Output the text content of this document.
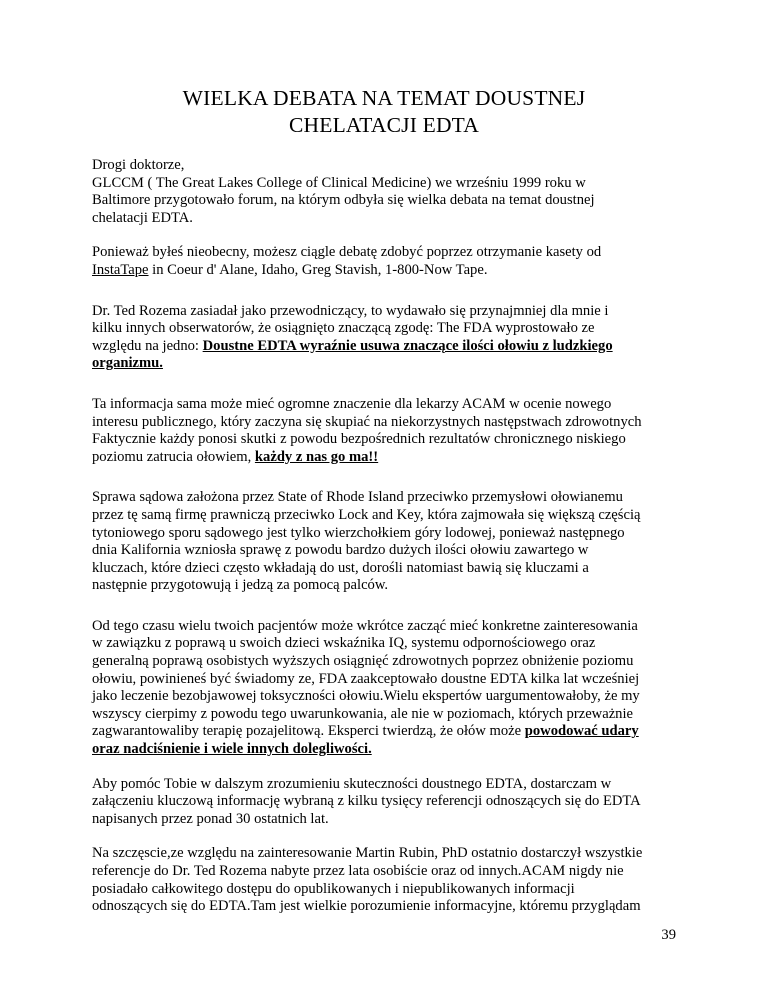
WIELKA DEBATA NA TEMAT DOUSTNEJ
CHELATACJI EDTA
Drogi doktorze,
GLCCM ( The Great Lakes College of Clinical Medicine) we wrześniu 1999 roku w
Baltimore przygotowało forum, na którym odbyła się wielka debata na temat doustnej
chelatacji EDTA.
Ponieważ byłeś nieobecny, możesz ciągle debatę zdobyć poprzez otrzymanie kasety od
InstaTape in Coeur d' Alane, Idaho, Greg Stavish, 1-800-Now Tape.
Dr. Ted Rozema zasiadał jako przewodniczący, to wydawało się przynajmniej dla mnie i
kilku innych obserwatorów, że osiągnięto znaczącą zgodę: The FDA wyprostowało ze
względu na jedno: Doustne EDTA wyraźnie usuwa znaczące ilości ołowiu z ludzkiego
organizmu.
Ta informacja sama może mieć ogromne znaczenie dla lekarzy ACAM w ocenie nowego
interesu publicznego, który zaczyna się skupiać na niekorzystnych następstwach zdrowotnych
Faktycznie każdy ponosi skutki z powodu bezpośrednich rezultatów chronicznego niskiego
poziomu zatrucia ołowiem, każdy z nas go ma!!
Sprawa sądowa założona przez State of Rhode Island przeciwko przemysłowi ołowianemu
przez tę samą firmę prawniczą przeciwko Lock and Key, która zajmowała się większą częścią
tytoniowego sporu sądowego jest tylko wierzchołkiem góry lodowej, ponieważ następnego
dnia Kalifornia wzniosła sprawę z powodu bardzo dużych ilości ołowiu zawartego w
kluczach, które dzieci często wkładają do ust, dorośli natomiast bawią się kluczami a
następnie przygotowują i jedzą za pomocą palców.
Od tego czasu wielu twoich pacjentów może wkrótce zacząć mieć konkretne zainteresowania
w zawiązku z poprawą u swoich dzieci wskaźnika IQ, systemu odpornościowego oraz
generalną poprawą osobistych wyższych osiągnięć zdrowotnych poprzez obniżenie poziomu
ołowiu, powinieneś być świadomy ze, FDA zaakceptowało doustne EDTA kilka lat wcześniej
jako leczenie bezobjawowej toksyczności ołowiu.Wielu ekspertów uargumentowałoby, że my
wszyscy cierpimy z powodu tego uwarunkowania, ale nie w poziomach, których przeważnie
zagwarantowaliby terapię pozajelitową. Eksperci twierdzą, że ołów może powodować udary
oraz nadciśnienie i wiele innych dolegliwości.
Aby pomóc Tobie w dalszym zrozumieniu skuteczności doustnego EDTA, dostarczam w
załączeniu kluczową informację wybraną z kilku tysięcy referencji odnoszących się do EDTA
napisanych przez ponad 30 ostatnich lat.
Na szczęscie,ze względu na zainteresowanie Martin Rubin, PhD ostatnio dostarczył wszystkie
referencje do Dr. Ted Rozema nabyte przez lata osobiście oraz od innych.ACAM nigdy nie
posiadało całkowitego dostępu do opublikowanych i niepublikowanych informacji
odnoszących się do EDTA.Tam jest wielkie porozumienie informacyjne, któremu przyglądam
39
